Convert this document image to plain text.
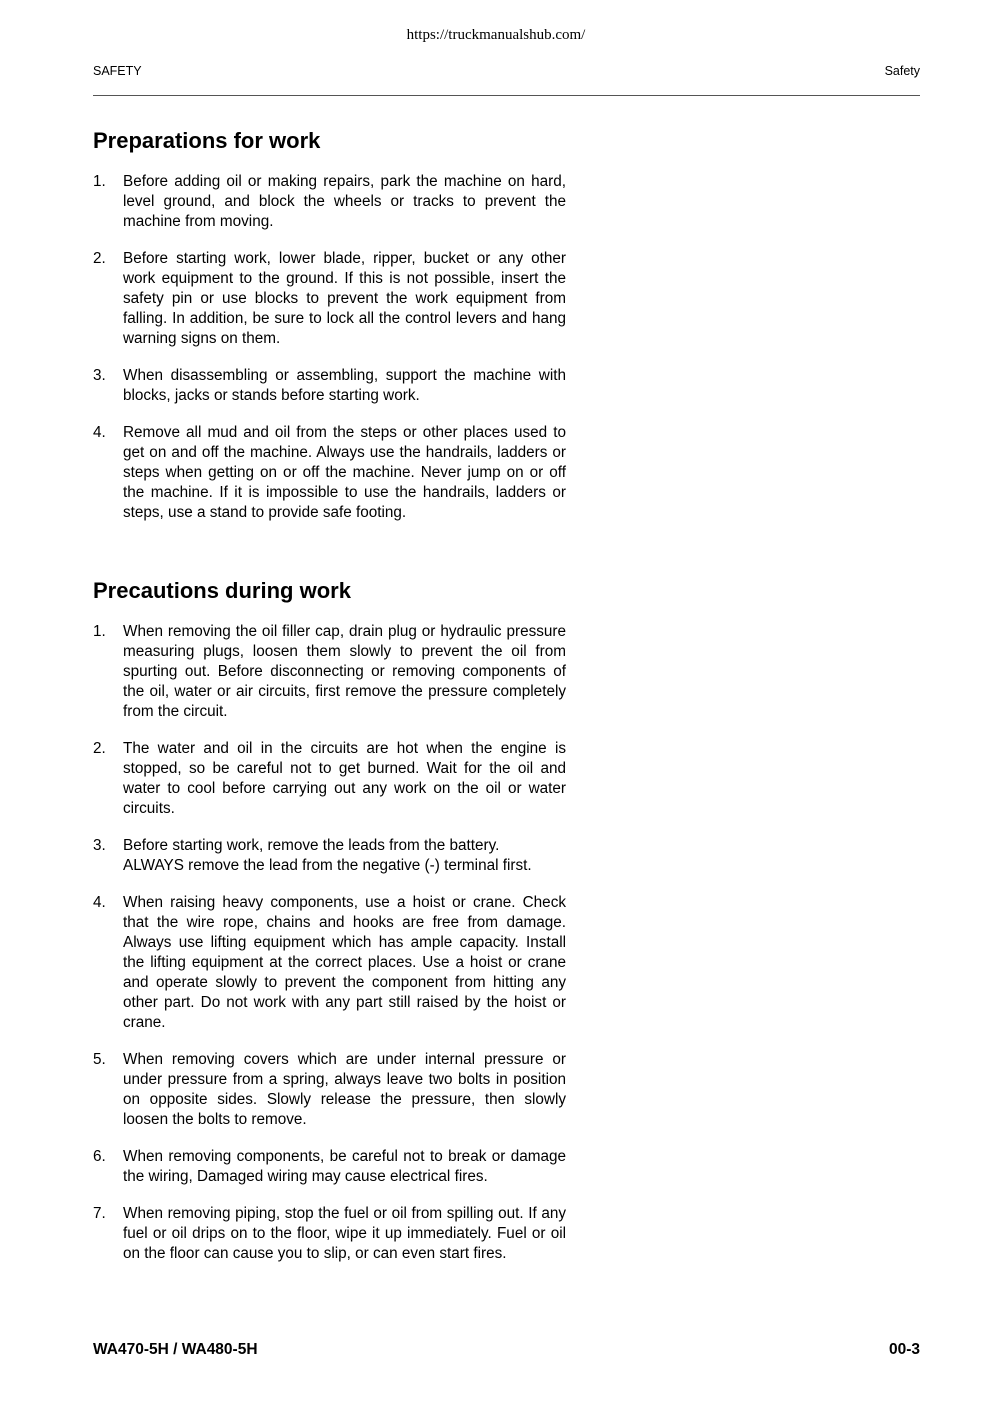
https://truckmanualshub.com/
SAFETY	Safety
Preparations for work
1. Before adding oil or making repairs, park the machine on hard, level ground, and block the wheels or tracks to prevent the machine from moving.
2. Before starting work, lower blade, ripper, bucket or any other work equipment to the ground. If this is not possible, insert the safety pin or use blocks to prevent the work equipment from falling. In addition, be sure to lock all the control levers and hang warning signs on them.
3. When disassembling or assembling, support the machine with blocks, jacks or stands before starting work.
4. Remove all mud and oil from the steps or other places used to get on and off the machine. Always use the handrails, ladders or steps when getting on or off the machine. Never jump on or off the machine. If it is impossible to use the handrails, ladders or steps, use a stand to provide safe footing.
Precautions during work
1. When removing the oil filler cap, drain plug or hydraulic pressure measuring plugs, loosen them slowly to prevent the oil from spurting out. Before disconnecting or removing components of the oil, water or air circuits, first remove the pressure completely from the circuit.
2. The water and oil in the circuits are hot when the engine is stopped, so be careful not to get burned. Wait for the oil and water to cool before carrying out any work on the oil or water circuits.
3. Before starting work, remove the leads from the battery.
ALWAYS remove the lead from the negative (-) terminal first.
4. When raising heavy components, use a hoist or crane. Check that the wire rope, chains and hooks are free from damage. Always use lifting equipment which has ample capacity. Install the lifting equipment at the correct places. Use a hoist or crane and operate slowly to prevent the component from hitting any other part. Do not work with any part still raised by the hoist or crane.
5. When removing covers which are under internal pressure or under pressure from a spring, always leave two bolts in position on opposite sides. Slowly release the pressure, then slowly loosen the bolts to remove.
6. When removing components, be careful not to break or damage the wiring, Damaged wiring may cause electrical fires.
7. When removing piping, stop the fuel or oil from spilling out. If any fuel or oil drips on to the floor, wipe it up immediately. Fuel or oil on the floor can cause you to slip, or can even start fires.
WA470-5H / WA480-5H	00-3
